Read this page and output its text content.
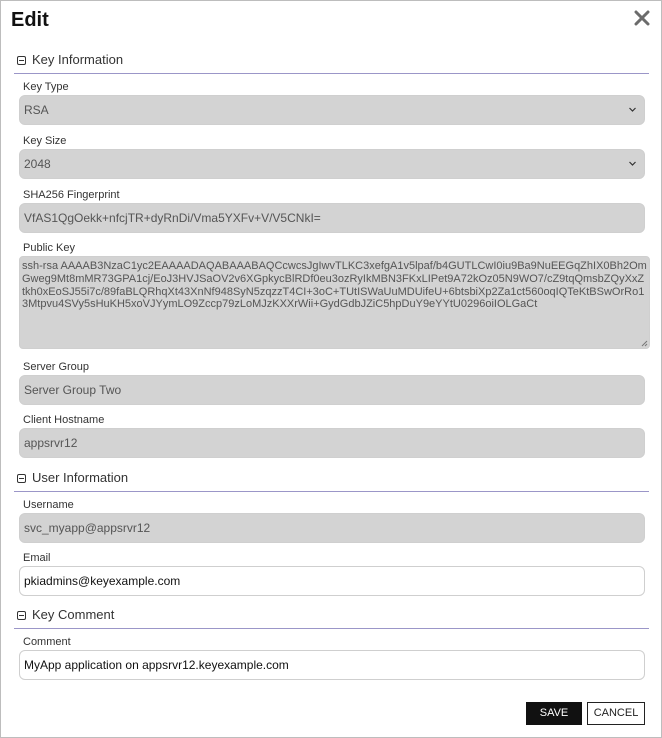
Edit
Key Information
Key Type
RSA
Key Size
2048
SHA256 Fingerprint
VfAS1QgOekk+nfcjTR+dyRnDi/Vma5YXFv+V/V5CNkI=
Public Key
ssh-rsa AAAAB3NzaC1yc2EAAAADAQABAAABAQCcwcsJgIwvTLKC3xefgA1v5lpaf/b4GUTLCwI0iu9Ba9NuEEGqZhIX0Bh2OmGweg9Mt8mMR73GPA1cj/EoJ3HVJSaOV2v6XGpkycBlRDf0eu3ozRyIkMBN3FKxLIPet9A72kOz05N9WO7/cZ9tqQmsbZQyXxZtkh0xEoSJ55i7c/89faBLQRhqXt43XnNf948SyN5zqzzT4CI+3oC+TUtISWaUuMDUifeU+6btsbiXp2Za1ct560oqIQTeKtBSwOrRo13Mtpvu4SVy5sHuKH5xoVJYymLO9Zccp79zLoMJzKXXrWii+GydGdbJZiC5hpDuY9eYYtU0296oiIOLGaCt
Server Group
Server Group Two
Client Hostname
appsrvr12
User Information
Username
svc_myapp@appsrvr12
Email
pkiadmins@keyexample.com
Key Comment
Comment
MyApp application on appsrvr12.keyexample.com
SAVE	CANCEL
